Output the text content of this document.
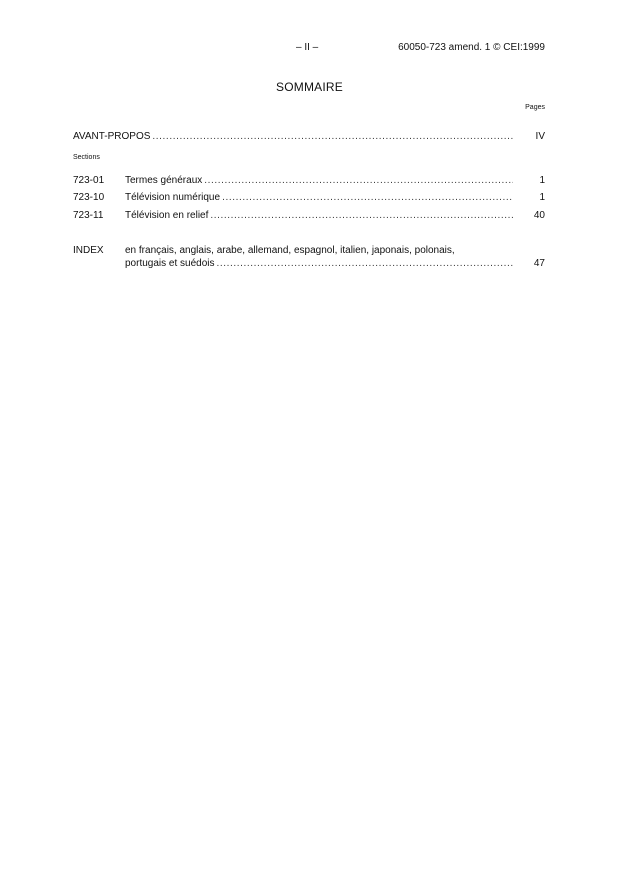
– II –	60050-723 amend. 1 © CEI:1999
SOMMAIRE
Pages
AVANT-PROPOS .....	IV
Sections
723-01	Termes généraux .....	1
723-10	Télévision numérique .....	1
723-11	Télévision en relief .....	40
INDEX en français, anglais, arabe, allemand, espagnol, italien, japonais, polonais,
portugais et suédois .....	47
